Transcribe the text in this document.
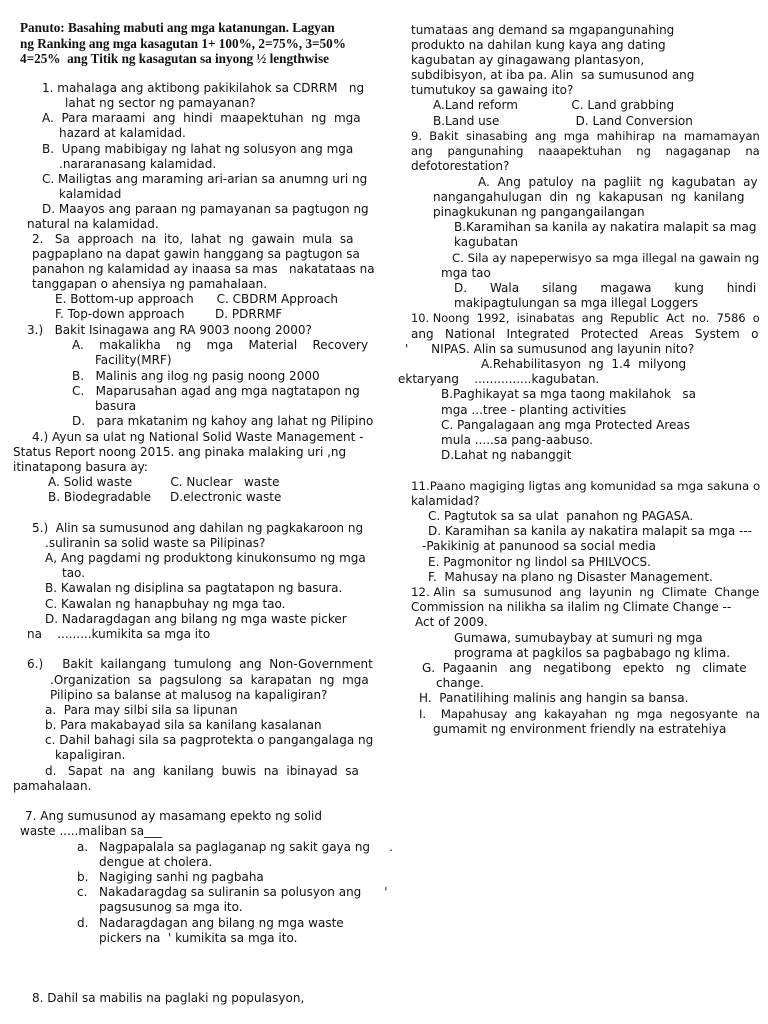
Panuto: Basahing mabuti ang mga katanungan. Lagyan
ng Ranking ang mga kasagutan 1+ 100%, 2=75%, 3=50%
4=25%  ang Titik ng kasagutan sa inyong ½ lengthwise
1. mahalaga ang aktibong pakikilahok sa CDRRM   ng
lahat ng sector ng pamayanan?
A.  Para maraami  ang  hindi  maapektuhan  ng  mga
hazard at kalamidad.
B.  Upang mabibigay ng lahat ng solusyon ang mga
.nararanasang kalamidad.
C. Mailigtas ang maraming ari-arian sa anumng uri ng
kalamidad
D. Maayos ang paraan ng pamayanan sa pagtugon ng
natural na kalamidad.
2.   Sa  approach  na  ito,  lahat  ng  gawain  mula  sa
pagpaplano na dapat gawin hanggang sa pagtugon sa
panahon ng kalamidad ay inaasa sa mas   nakatataas na
tanggapan o ahensiya ng pamahalaan.
E. Bottom-up approach      C. CBDRM Approach
F. Top-down approach        D. PDRRMF
3.)   Bakit Isinagawa ang RA 9003 noong 2000?
A.    makalikha    ng    mga    Material    Recovery
Facility(MRF)
B.   Malinis ang ilog ng pasig noong 2000
C.   Maparusahan agad ang mga nagtatapon ng
basura
D.   para mkatanim ng kahoy ang lahat ng Pilipino
4.) Ayun sa ulat ng National Solid Waste Management -
Status Report noong 2015. ang pinaka malaking uri ,ng
itinatapong basura ay:
A. Solid waste          C. Nuclear   waste
B. Biodegradable     D.electronic waste
5.)  Alin sa sumusunod ang dahilan ng pagkakaroon ng
.suliranin sa solid waste sa Pilipinas?
A, Ang pagdami ng produktong kinukonsumo ng mga
tao.
B. Kawalan ng disiplina sa pagtatapon ng basura.
C. Kawalan ng hanapbuhay ng mga tao.
D. Nadaragdagan ang bilang ng mga waste picker
na    .........kumikita sa mga ito
6.)     Bakit  kailangang  tumulong  ang  Non-Government
.Organization  sa  pagsulong  sa  karapatan  ng  mga
Pilipino sa balanse at malusog na kapaligiran?
a.  Para may silbi sila sa lipunan
b. Para makabayad sila sa kanilang kasalanan
c. Dahil bahagi sila sa pagprotekta o pangangalaga ng
kapaligiran.
d.   Sapat  na  ang  kanilang  buwis  na  ibinayad  sa
pamahalaan.
7. Ang sumusunod ay masamang epekto ng solid
waste .....maliban sa___
a. Nagpapalala sa paglaganap ng sakit gaya ng     .
dengue at cholera.
b. Nagiging sanhi ng pagbaha
c. Nakadaragdag sa suliranin sa polusyon ang      '
pagsusunog sa mga ito.
d. Nadaragdagan ang bilang ng mga waste
pickers na  ' kumikita sa mga ito.
8. Dahil sa mabilis na paglaki ng populasyon,
tumataas ang demand sa mgapangunahing
produkto na dahilan kung kaya ang dating
kagubatan ay ginagawang plantasyon,
subdibisyon, at iba pa. Alin  sa sumusunod ang
tumutukoy sa gawaing ito?
A.Land reform              C. Land grabbing
B.Land use                    D. Land Conversion
9.  Bakit  sinasabing  ang  mga  mahihirap  na  mamamayan
ang    pangunahing    naaapektuhan    ng    nagaganap    na
defotorestation?
A.  Ang  patuloy  na  pagliit  ng  kagubatan  ay
nangangahulugan  din  ng  kakapusan  ng  kanilang
pinagkukunan ng pangangailangan
B.Karamihan sa kanila ay nakatira malapit sa mag
kagubatan
C. Sila ay napeperwisyo sa mga illegal na gawain ng
mga tao
D.      Wala      silang      magawa      kung      hindi
makipagtulungan sa mga illegal Loggers
10. Noong  1992,  isinabatas  ang  Republic  Act  no.  7586  o
ang   National   Integrated   Protected   Areas   System   o
'      NIPAS. Alin sa sumusunod ang layunin nito?
A.Rehabilitasyon  ng  1.4  milyong
ektaryang    ...............kagubatan.
B.Paghikayat sa mga taong makilahok   sa
mga ...tree - planting activities
C. Pangalagaan ang mga Protected Areas
mula .....sa pang-aabuso.
D.Lahat ng nabanggit
11.Paano magiging ligtas ang komunidad sa mga sakuna o
kalamidad?
C. Pagtutok sa sa ulat  panahon ng PAGASA.
D. Karamihan sa kanila ay nakatira malapit sa mga ---
-Pakikinig at panunood sa social media
E. Pagmonitor ng lindol sa PHILVOCS.
F.  Mahusay na plano ng Disaster Management.
12. Alin  sa  sumusunod  ang  layunin  ng  Climate  Change
Commission na nilikha sa ilalim ng Climate Change --
Act of 2009.
Gumawa, sumubaybay at sumuri ng mga
programa at pagkilos sa pagbabago ng klima.
G.  Pagaanin   ang   negatibong   epekto   ng   climate
change.
H.  Panatilihing malinis ang hangin sa bansa.
I.    Mapahusay  ang  kakayahan  ng  mga  negosyante  na
gumamit ng environment friendly na estratehiya
